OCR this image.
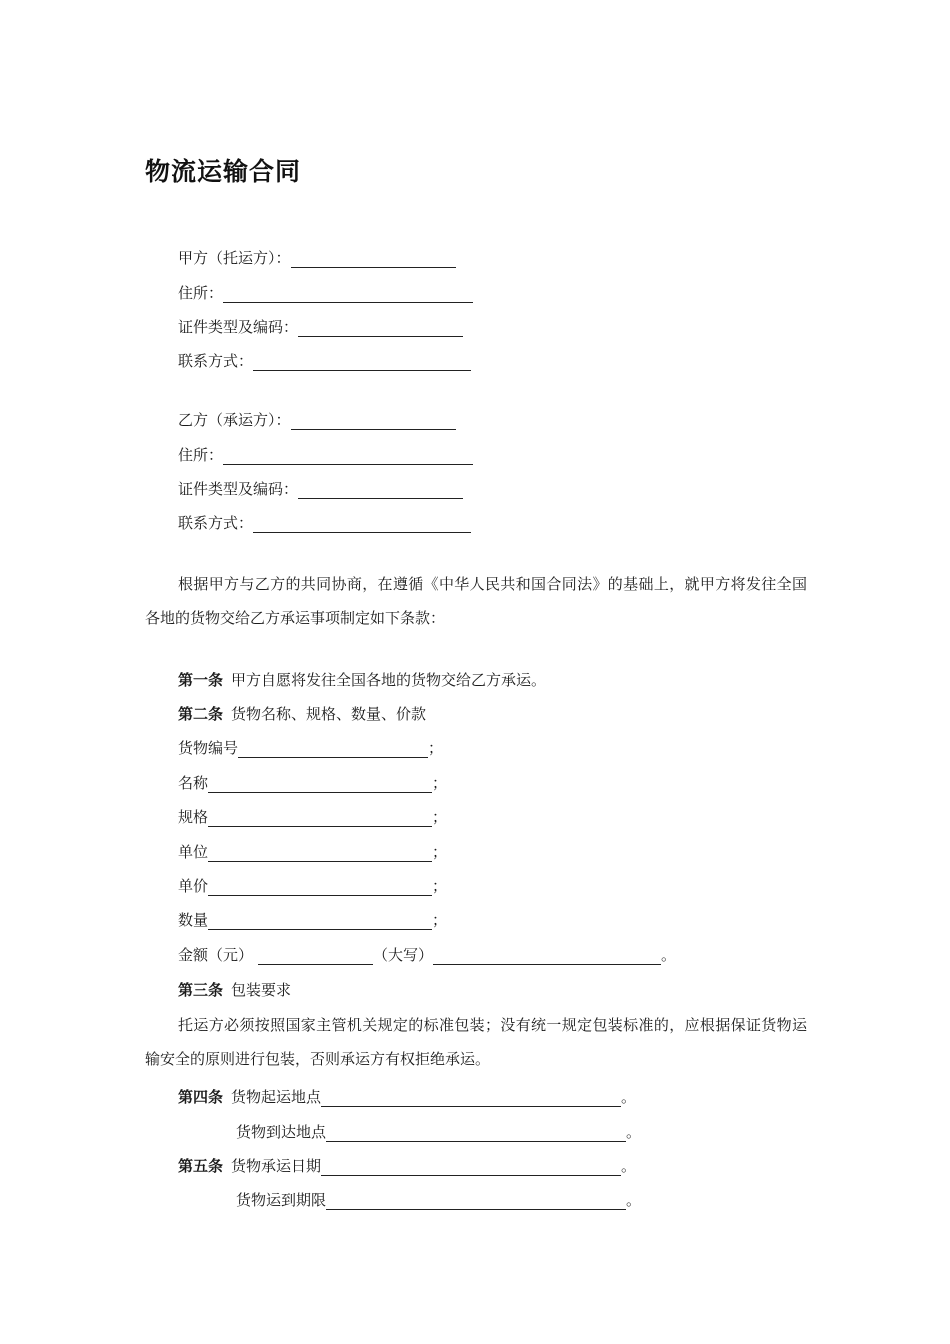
物流运输合同
甲方（托运方）：
住所：
证件类型及编码：
联系方式：
乙方（承运方）：
住所：
证件类型及编码：
联系方式：
根据甲方与乙方的共同协商，在遵循《中华人民共和国合同法》的基础上，就甲方将发往全国各地的货物交给乙方承运事项制定如下条款：
第一条 甲方自愿将发往全国各地的货物交给乙方承运。
第二条 货物名称、规格、数量、价款
货物编号	；
名称	；
规格	；
单位	；
单价	；
数量	；
金额（元）	（大写）	。
第三条 包装要求
托运方必须按照国家主管机关规定的标准包装；没有统一规定包装标准的，应根据保证货物运输安全的原则进行包装，否则承运方有权拒绝承运。
第四条 货物起运地点	。
货物到达地点	。
第五条 货物承运日期	。
货物运到期限	。
